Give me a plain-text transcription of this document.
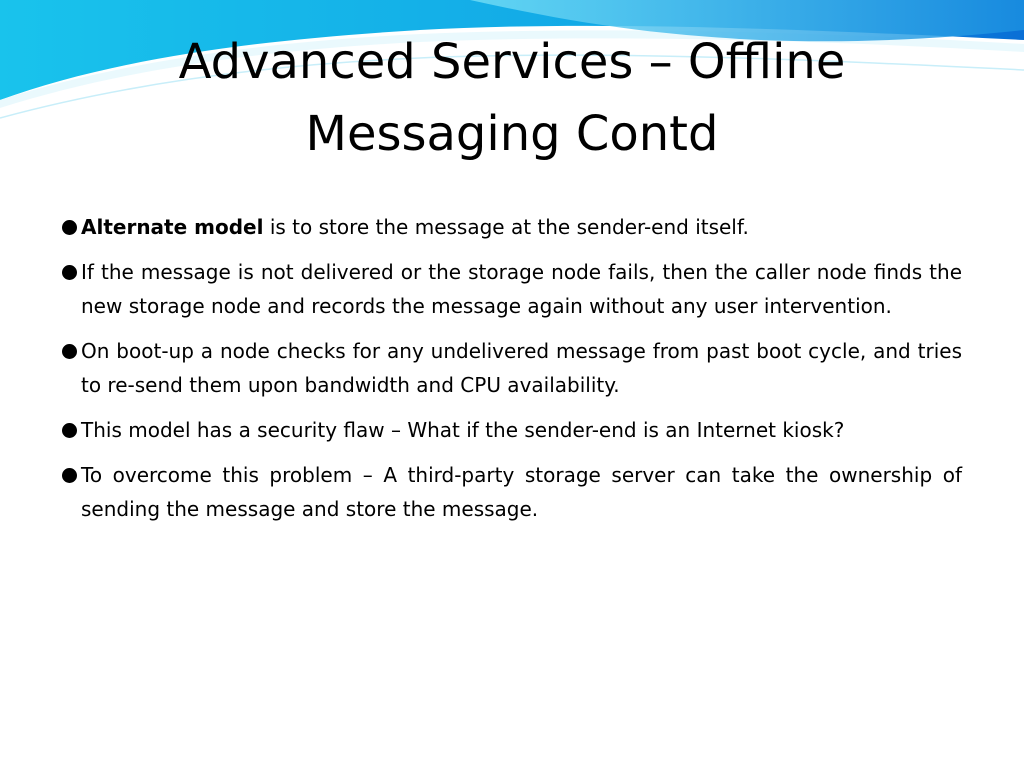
Advanced Services – Offline
Messaging Contd
Alternate model is to store the message at the sender-end itself.
If the message is not delivered or the storage node fails, then the caller node finds the new storage node and records the message again without any user intervention.
On boot-up a node checks for any undelivered message from past boot cycle, and tries to re-send them upon bandwidth and CPU availability.
This model has a security flaw – What if the sender-end is an Internet kiosk?
To overcome this problem – A third-party storage server can take the ownership of sending the message and store the message.
